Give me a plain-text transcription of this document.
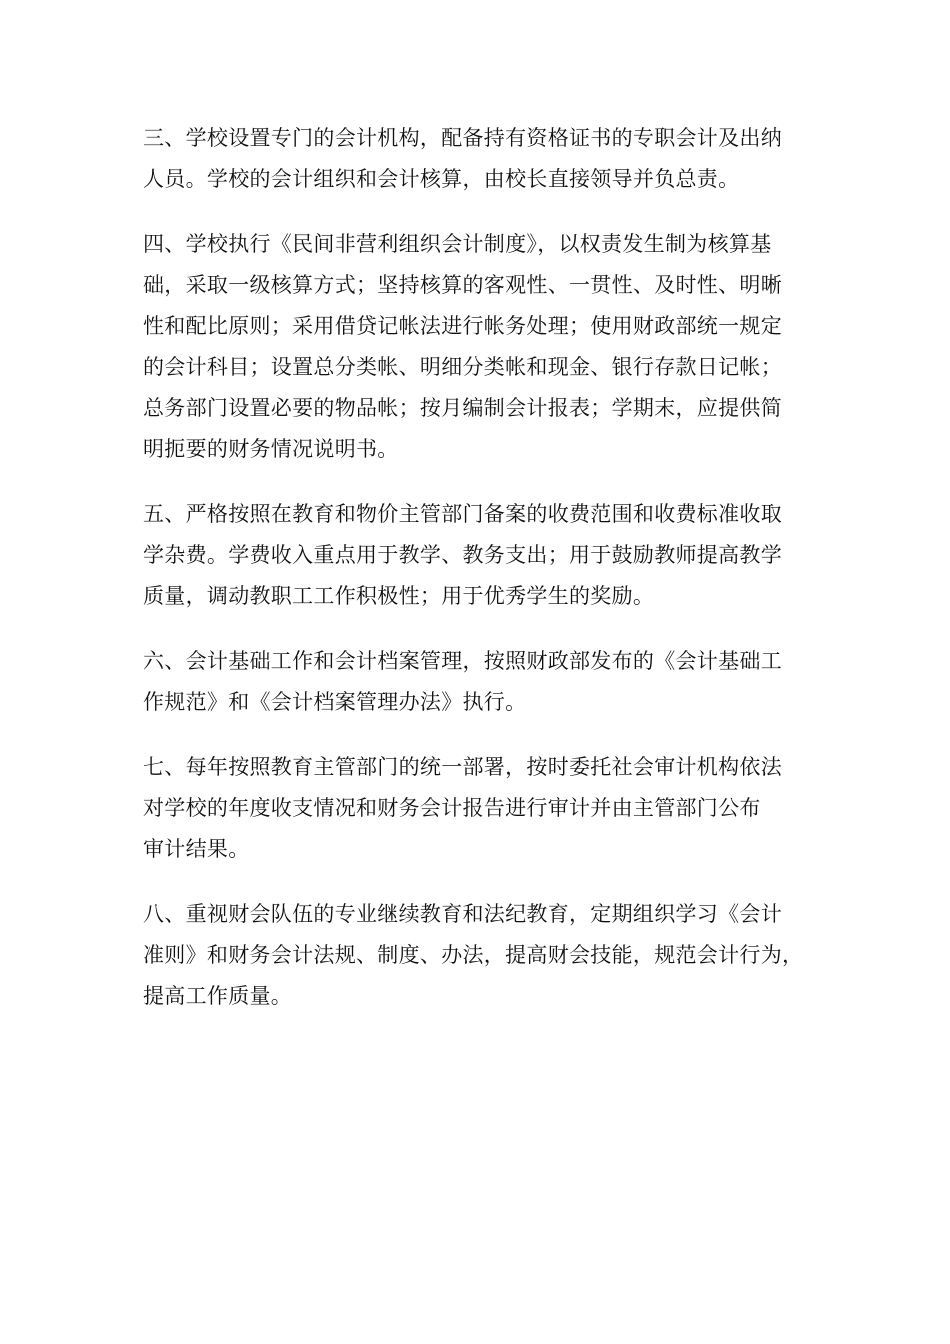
三、学校设置专门的会计机构，配备持有资格证书的专职会计及出纳
人员。学校的会计组织和会计核算，由校长直接领导并负总责。
四、学校执行《民间非营利组织会计制度》，以权责发生制为核算基
础，采取一级核算方式；坚持核算的客观性、一贯性、及时性、明晰
性和配比原则；采用借贷记帐法进行帐务处理；使用财政部统一规定
的会计科目；设置总分类帐、明细分类帐和现金、银行存款日记帐；
总务部门设置必要的物品帐；按月编制会计报表；学期末，应提供简
明扼要的财务情况说明书。
五、严格按照在教育和物价主管部门备案的收费范围和收费标准收取
学杂费。学费收入重点用于教学、教务支出；用于鼓励教师提高教学
质量，调动教职工工作积极性；用于优秀学生的奖励。
六、会计基础工作和会计档案管理，按照财政部发布的《会计基础工
作规范》和《会计档案管理办法》执行。
七、每年按照教育主管部门的统一部署，按时委托社会审计机构依法
对学校的年度收支情况和财务会计报告进行审计并由主管部门公布
审计结果。
八、重视财会队伍的专业继续教育和法纪教育，定期组织学习《会计
准则》和财务会计法规、制度、办法，提高财会技能，规范会计行为，
提高工作质量。
